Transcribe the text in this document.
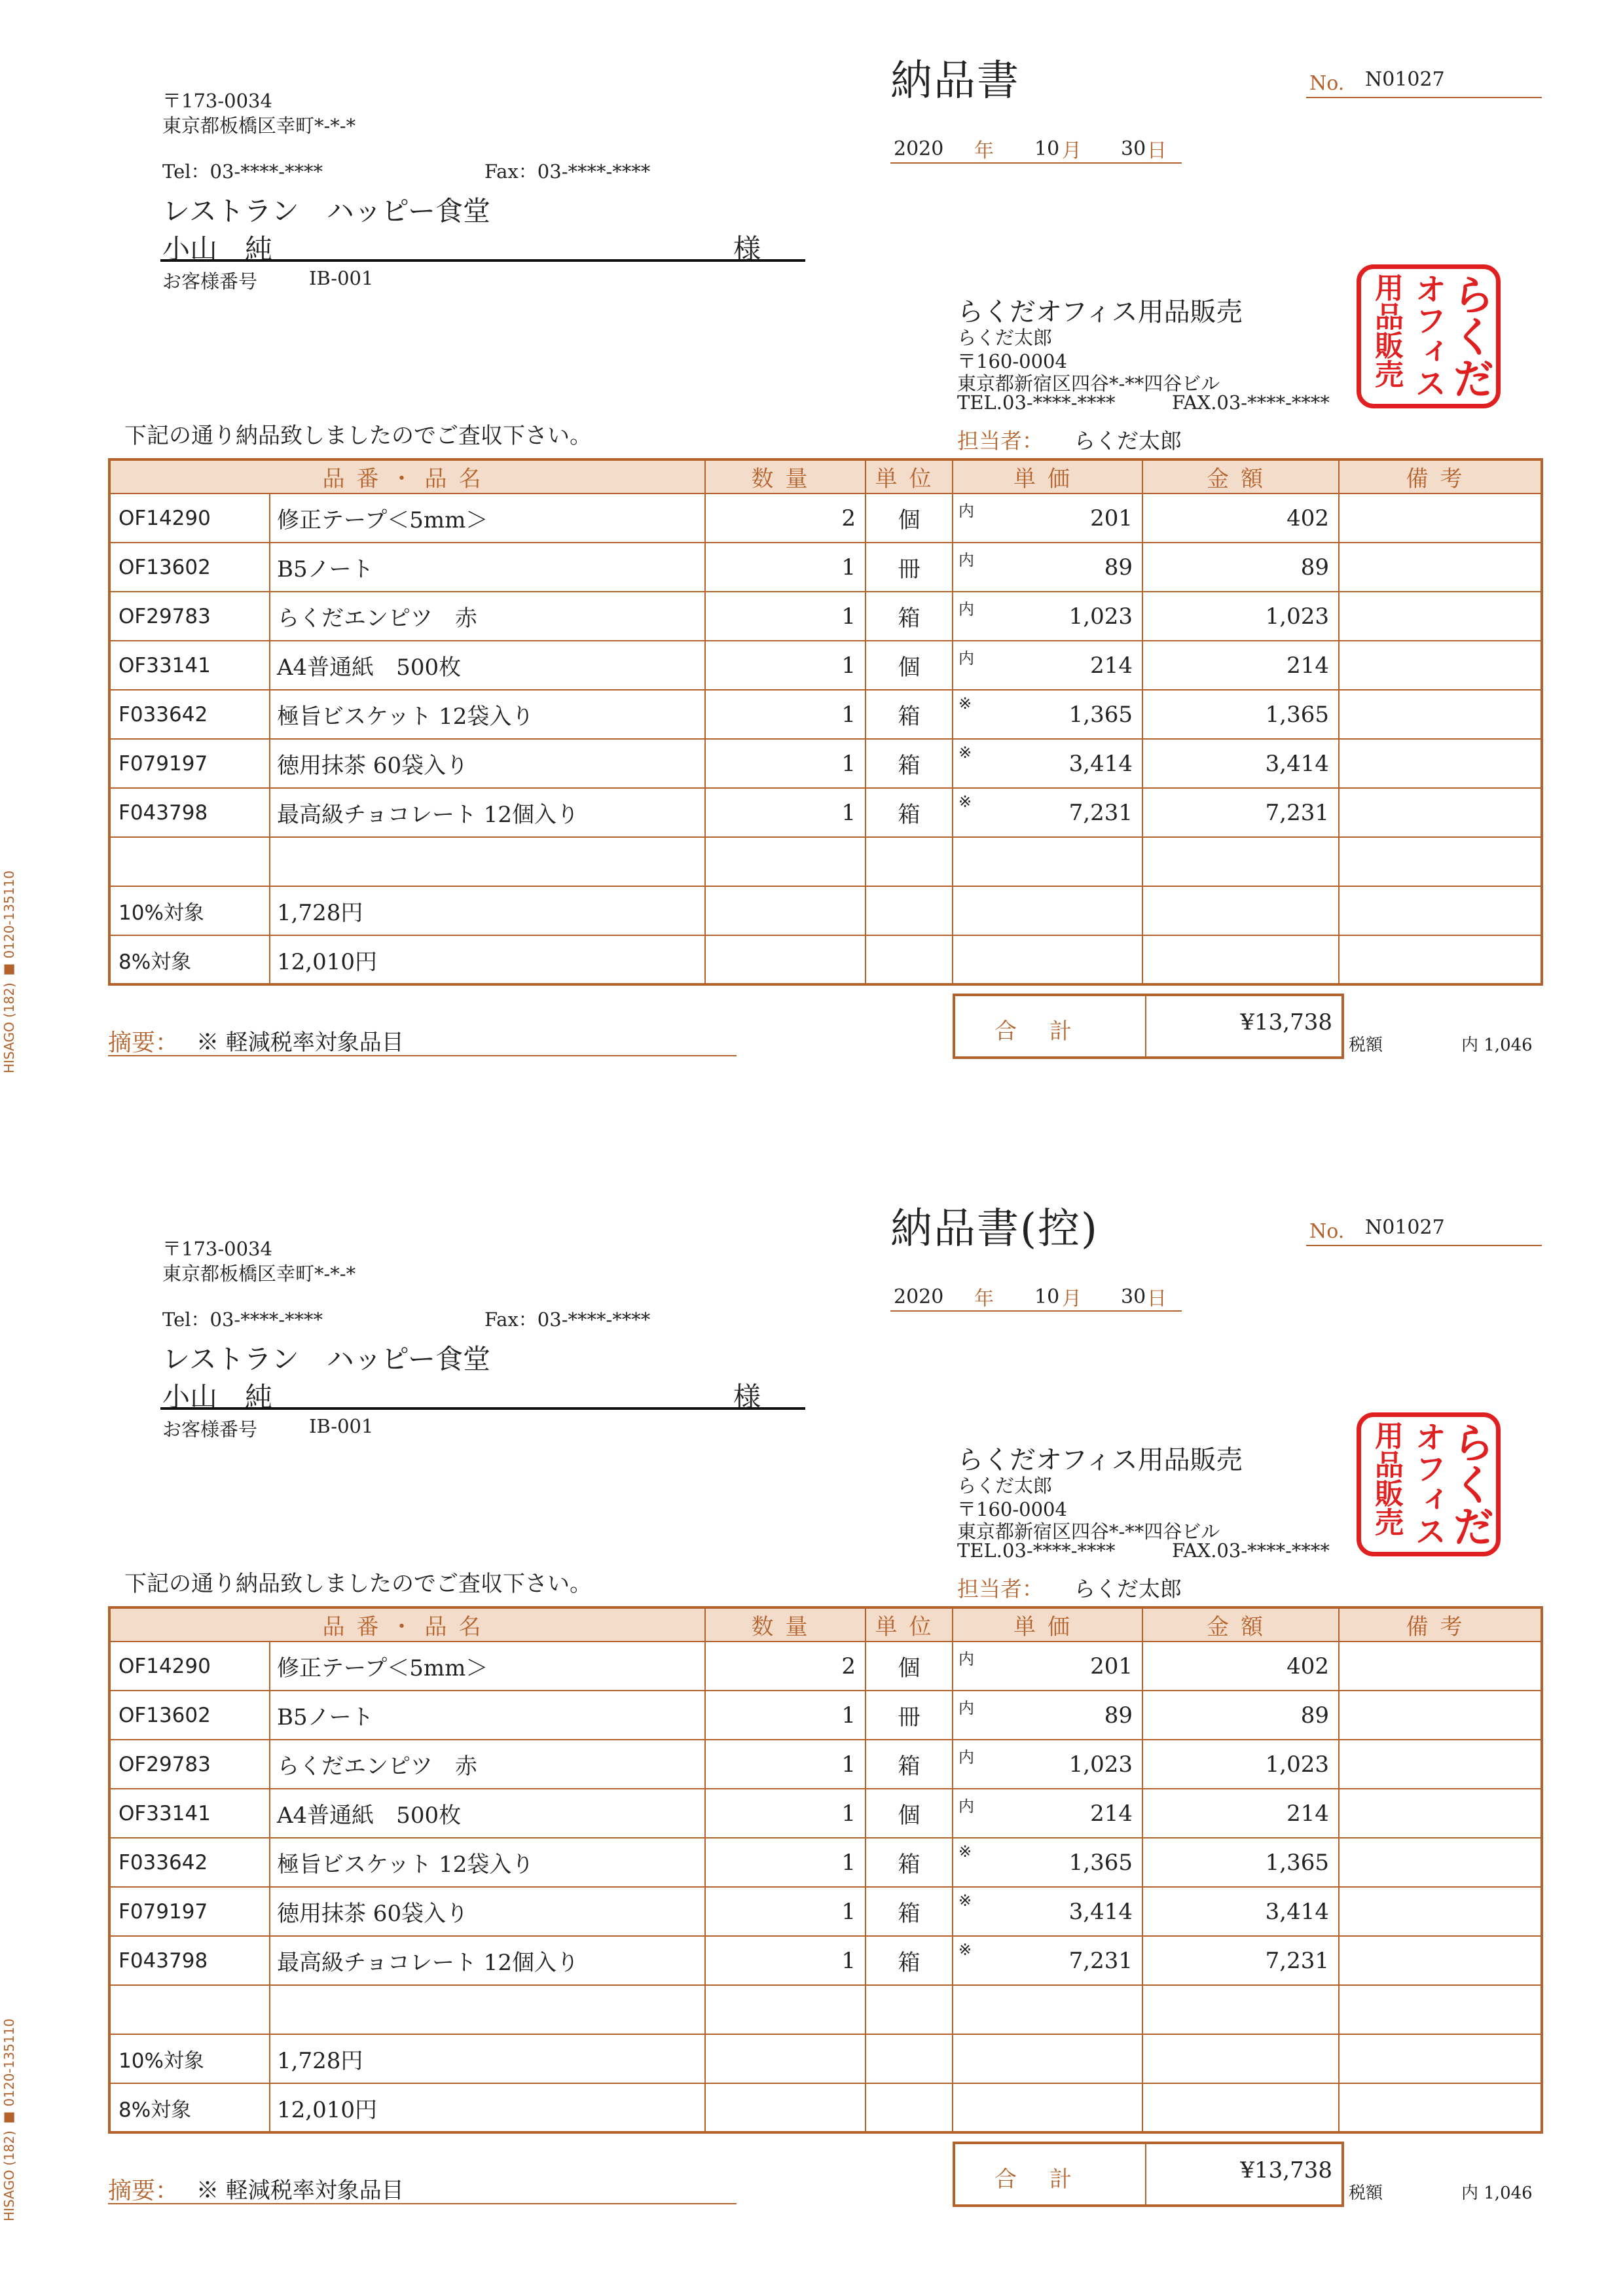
HISAGO (182) ■ 0120-135110
納品書	No. N01027
2020 年 10 月 30 日
〒173-0034
東京都板橋区幸町*-*-*
Tel：03-****-****	Fax：03-****-****
レストラン　ハッピー食堂
小山　純	様
お客様番号	IB-001
らくだオフィス用品販売
らくだ太郎
〒160-0004
東京都新宿区四谷*-**四谷ビル
TEL.03-****-****	FAX.03-****-****
担当者： らくだ太郎
らくだ
オフィス
用品販売
下記の通り納品致しましたのでご査収下さい。
品番・品名		数量	単位	単価	金額	備考
OF14290	修正テープ＜5mm＞	2	個	内 201	402	
OF13602	B5ノート	1	冊	内 89	89	
OF29783	らくだエンピツ　赤	1	箱	内 1,023	1,023	
OF33141	A4普通紙　500枚	1	個	内 214	214	
F033642	極旨ビスケット 12袋入り	1	箱	※ 1,365	1,365	
F079197	徳用抹茶 60袋入り	1	箱	※ 3,414	3,414	
F043798	最高級チョコレート 12個入り	1	箱	※ 7,231	7,231	

10%対象	1,728円			

8%対象	12,010円			

摘要： ※ 軽減税率対象品目	合　計	¥13,738
税額	内 1,046
HISAGO (182) ■ 0120-135110
納品書(控)	No. N01027
2020 年 10 月 30 日
〒173-0034
東京都板橋区幸町*-*-*
Tel：03-****-****	Fax：03-****-****
レストラン　ハッピー食堂
小山　純	様
お客様番号	IB-001
らくだオフィス用品販売
らくだ太郎
〒160-0004
東京都新宿区四谷*-**四谷ビル
TEL.03-****-****	FAX.03-****-****
担当者： らくだ太郎
らくだ
オフィス
用品販売
下記の通り納品致しましたのでご査収下さい。
品番・品名		数量	単位	単価	金額	備考
OF14290	修正テープ＜5mm＞	2	個	内 201	402	
OF13602	B5ノート	1	冊	内 89	89	
OF29783	らくだエンピツ　赤	1	箱	内 1,023	1,023	
OF33141	A4普通紙　500枚	1	個	内 214	214	
F033642	極旨ビスケット 12袋入り	1	箱	※ 1,365	1,365	
F079197	徳用抹茶 60袋入り	1	箱	※ 3,414	3,414	
F043798	最高級チョコレート 12個入り	1	箱	※ 7,231	7,231	

10%対象	1,728円			

8%対象	12,010円			

摘要： ※ 軽減税率対象品目	合　計	¥13,738
税額	内 1,046
